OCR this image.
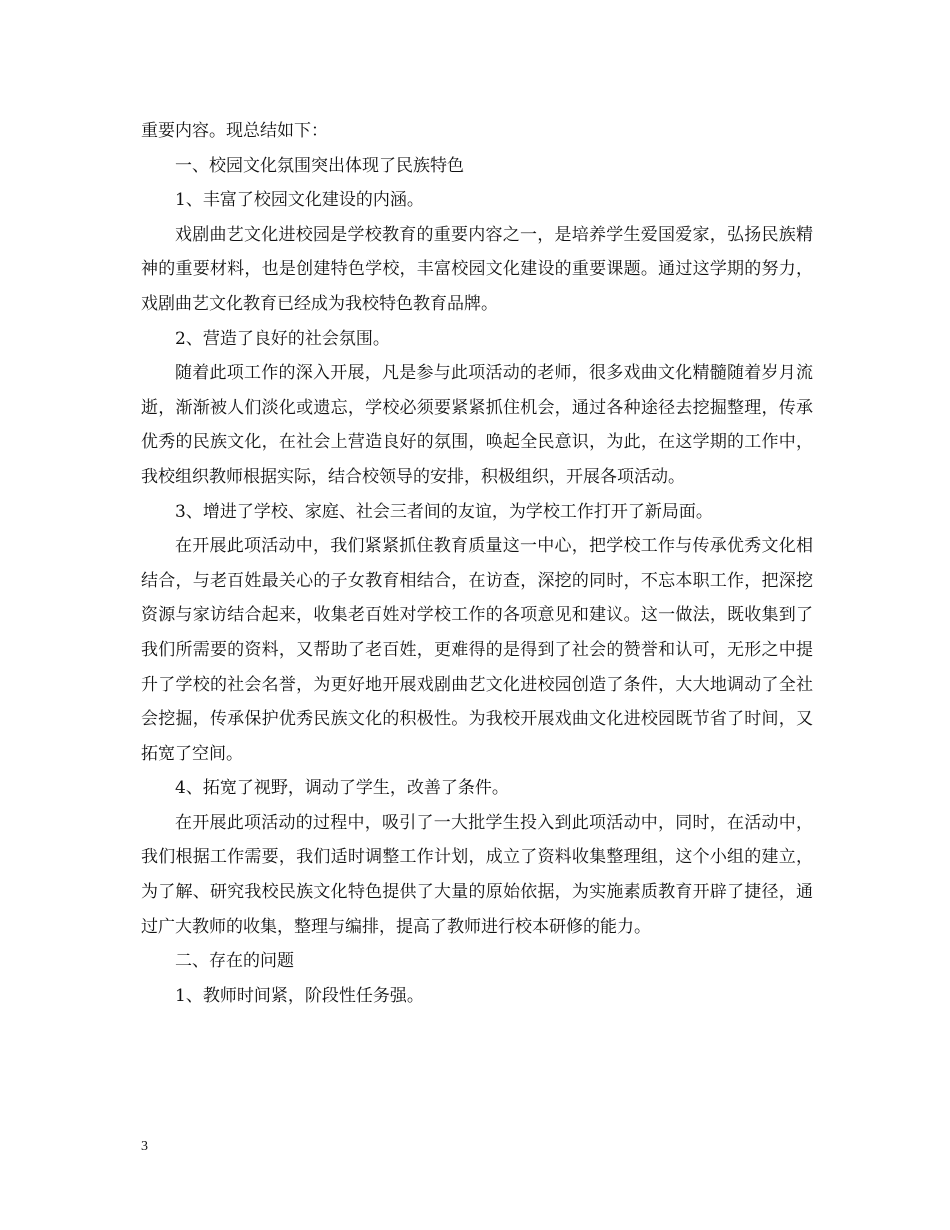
重要内容。现总结如下：

一、校园文化氛围突出体现了民族特色

1、丰富了校园文化建设的内涵。

戏剧曲艺文化进校园是学校教育的重要内容之一，是培养学生爱国爱家，弘扬民族精神的重要材料，也是创建特色学校，丰富校园文化建设的重要课题。通过这学期的努力，戏剧曲艺文化教育已经成为我校特色教育品牌。

2、营造了良好的社会氛围。

随着此项工作的深入开展，凡是参与此项活动的老师，很多戏曲文化精髓随着岁月流逝，渐渐被人们淡化或遗忘，学校必须要紧紧抓住机会，通过各种途径去挖掘整理，传承优秀的民族文化，在社会上营造良好的氛围，唤起全民意识，为此，在这学期的工作中，我校组织教师根据实际，结合校领导的安排，积极组织，开展各项活动。

3、增进了学校、家庭、社会三者间的友谊，为学校工作打开了新局面。

在开展此项活动中，我们紧紧抓住教育质量这一中心，把学校工作与传承优秀文化相结合，与老百姓最关心的子女教育相结合，在访查，深挖的同时，不忘本职工作，把深挖资源与家访结合起来，收集老百姓对学校工作的各项意见和建议。这一做法，既收集到了我们所需要的资料，又帮助了老百姓，更难得的是得到了社会的赞誉和认可，无形之中提升了学校的社会名誉，为更好地开展戏剧曲艺文化进校园创造了条件，大大地调动了全社会挖掘，传承保护优秀民族文化的积极性。为我校开展戏曲文化进校园既节省了时间，又拓宽了空间。

4、拓宽了视野，调动了学生，改善了条件。

在开展此项活动的过程中，吸引了一大批学生投入到此项活动中，同时，在活动中，我们根据工作需要，我们适时调整工作计划，成立了资料收集整理组，这个小组的建立，为了解、研究我校民族文化特色提供了大量的原始依据，为实施素质教育开辟了捷径，通过广大教师的收集，整理与编排，提高了教师进行校本研修的能力。

二、存在的问题

1、教师时间紧，阶段性任务强。

3
